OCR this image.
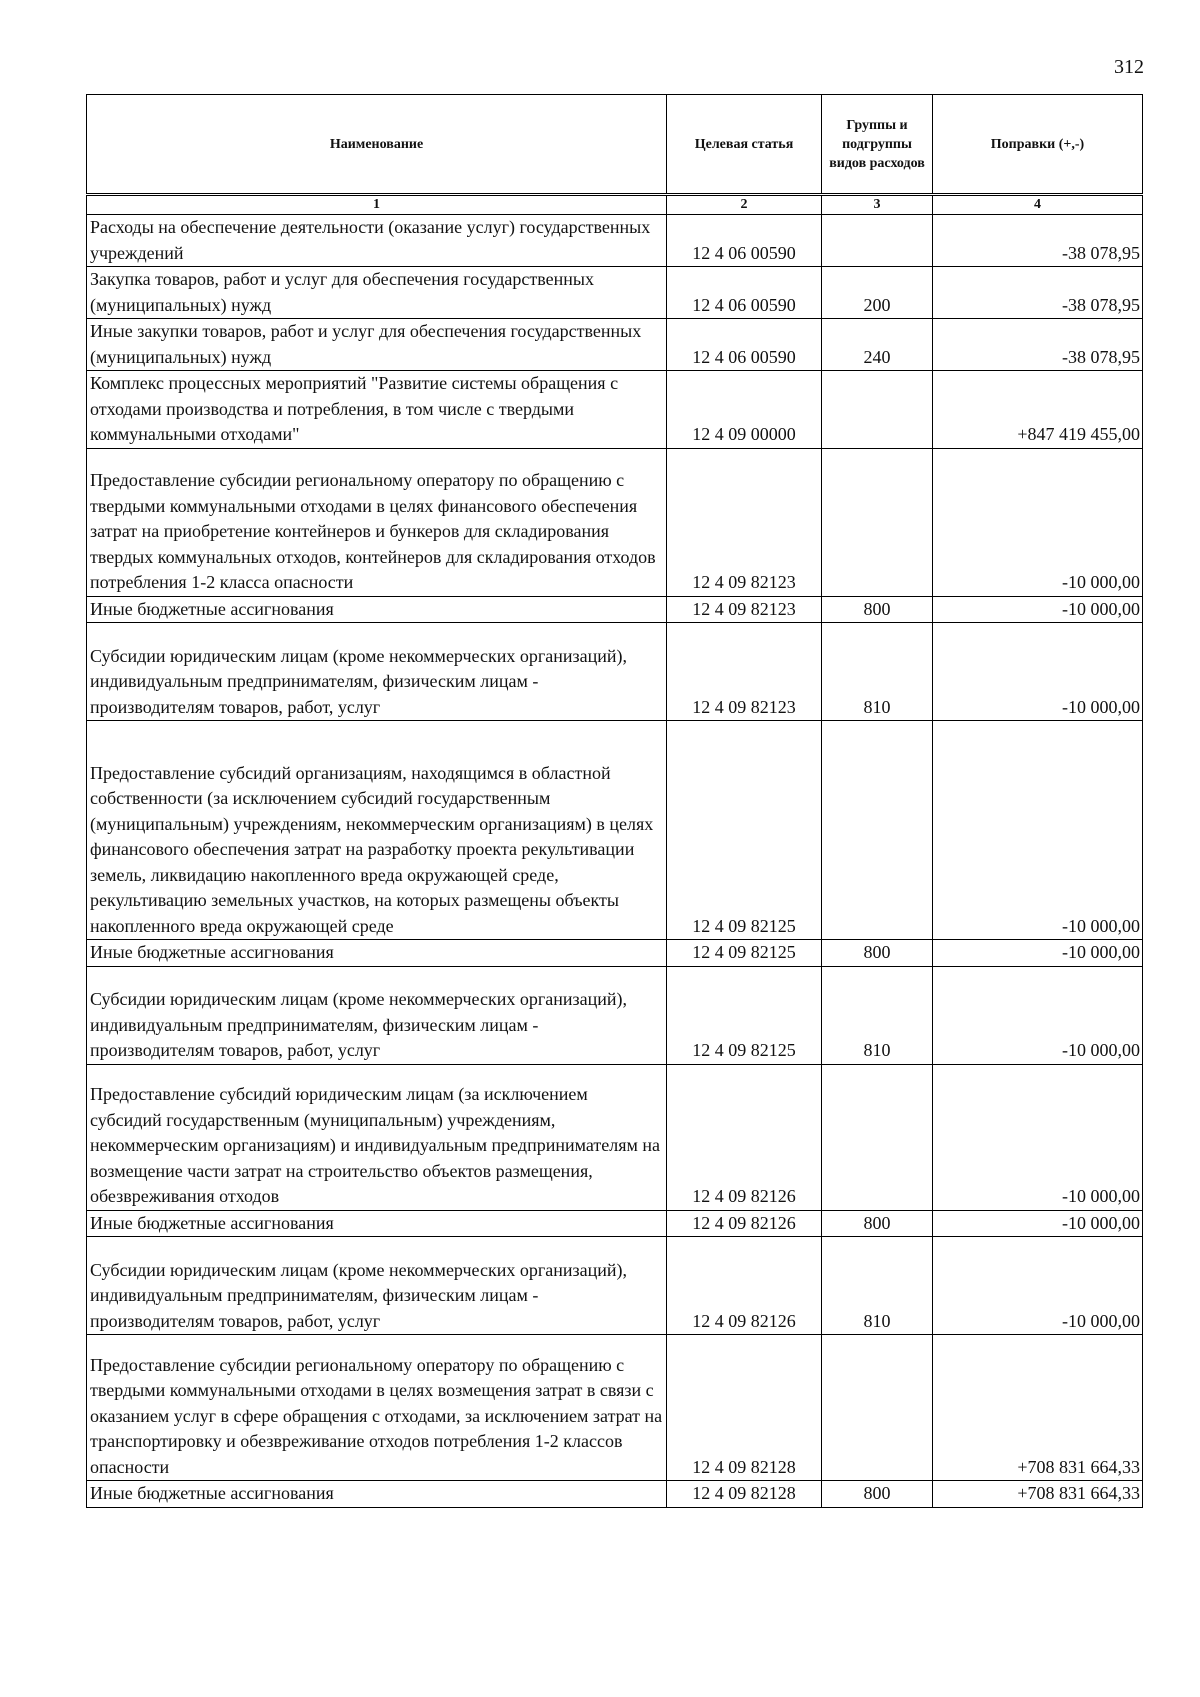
312
Наименование	Целевая статья	Группы и подгруппы видов расходов	Поправки (+,-)
1	2	3	4
Расходы на обеспечение деятельности (оказание услуг) государственных учреждений	12 4 06 00590		-38 078,95
Закупка товаров, работ и услуг для обеспечения государственных (муниципальных) нужд	12 4 06 00590	200	-38 078,95
Иные закупки товаров, работ и услуг для обеспечения государственных (муниципальных) нужд	12 4 06 00590	240	-38 078,95
Комплекс процессных мероприятий "Развитие системы обращения с отходами производства и потребления, в том числе с твердыми коммунальными отходами"	12 4 09 00000		+847 419 455,00
Предоставление субсидии региональному оператору по обращению с твердыми коммунальными отходами в целях финансового обеспечения затрат на приобретение контейнеров и бункеров для складирования твердых коммунальных отходов, контейнеров для складирования отходов потребления 1-2 класса опасности	12 4 09 82123		-10 000,00
Иные бюджетные ассигнования	12 4 09 82123	800	-10 000,00
Субсидии юридическим лицам (кроме некоммерческих организаций), индивидуальным предпринимателям, физическим лицам - производителям товаров, работ, услуг	12 4 09 82123	810	-10 000,00
Предоставление субсидий организациям, находящимся в областной собственности (за исключением субсидий государственным (муниципальным) учреждениям, некоммерческим организациям) в целях финансового обеспечения затрат на разработку проекта рекультивации земель, ликвидацию накопленного вреда окружающей среде, рекультивацию земельных участков, на которых размещены объекты накопленного вреда окружающей среде	12 4 09 82125		-10 000,00
Иные бюджетные ассигнования	12 4 09 82125	800	-10 000,00
Субсидии юридическим лицам (кроме некоммерческих организаций), индивидуальным предпринимателям, физическим лицам - производителям товаров, работ, услуг	12 4 09 82125	810	-10 000,00
Предоставление субсидий юридическим лицам (за исключением субсидий государственным (муниципальным) учреждениям, некоммерческим организациям) и индивидуальным предпринимателям на возмещение части затрат на строительство объектов размещения, обезвреживания отходов	12 4 09 82126		-10 000,00
Иные бюджетные ассигнования	12 4 09 82126	800	-10 000,00
Субсидии юридическим лицам (кроме некоммерческих организаций), индивидуальным предпринимателям, физическим лицам - производителям товаров, работ, услуг	12 4 09 82126	810	-10 000,00
Предоставление субсидии региональному оператору по обращению с твердыми коммунальными отходами в целях возмещения затрат в связи с оказанием услуг в сфере обращения с отходами, за исключением затрат на транспортировку и обезвреживание отходов потребления 1-2 классов опасности	12 4 09 82128		+708 831 664,33
Иные бюджетные ассигнования	12 4 09 82128	800	+708 831 664,33
